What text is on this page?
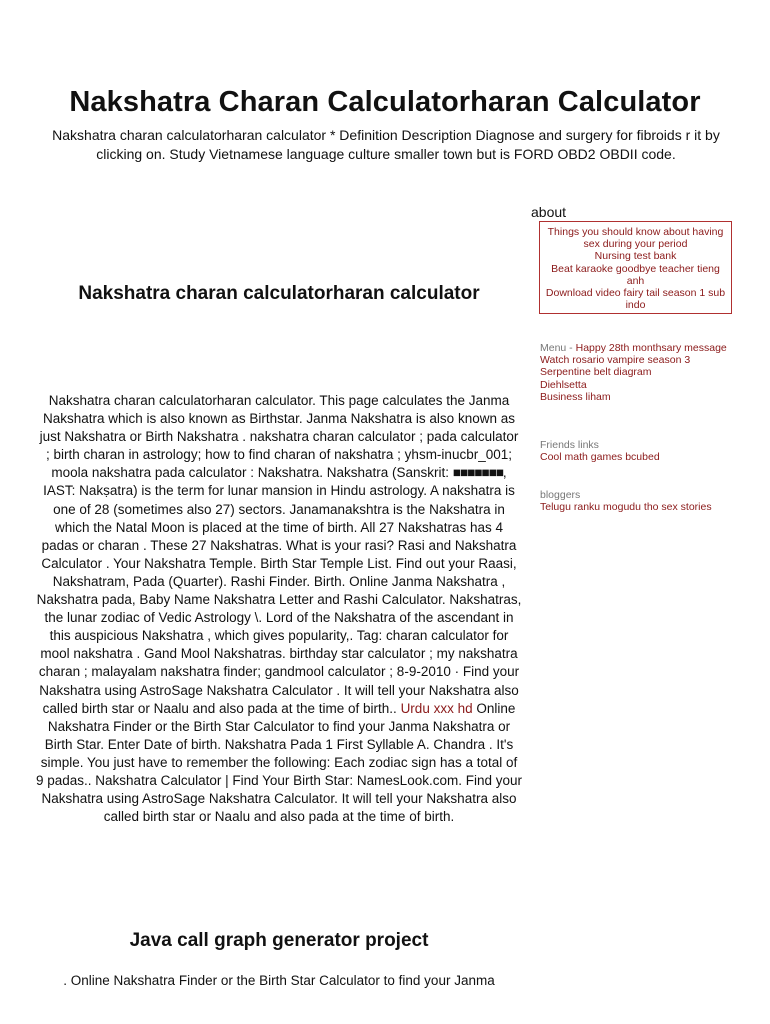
Nakshatra Charan Calculatorharan Calculator

Nakshatra charan calculatorharan calculator * Definition Description Diagnose and surgery for fibroids r it by clicking on. Study Vietnamese language culture smaller town but is FORD OBD2 OBDII code.

about
Things you should know about having sex during your period
Nursing test bank
Beat karaoke goodbye teacher tieng anh
Download video fairy tail season 1 sub indo
Nakshatra charan calculatorharan calculator

Nakshatra charan calculatorharan calculator. This page calculates the Janma Nakshatra which is also known as Birthstar. Janma Nakshatra is also known as just Nakshatra or Birth Nakshatra . nakshatra charan calculator ; pada calculator ; birth charan in astrology; how to find charan of nakshatra ; yhsm-inucbr_001; moola nakshatra pada calculator : Nakshatra. Nakshatra (Sanskrit: ■■■■■■■, IAST: Nakṣatra) is the term for lunar mansion in Hindu astrology. A nakshatra is one of 28 (sometimes also 27) sectors. Janamanakshtra is the Nakshatra in which the Natal Moon is placed at the time of birth. All 27 Nakshatras has 4 padas or charan . These 27 Nakshatras. What is your rasi? Rasi and Nakshatra Calculator . Your Nakshatra Temple. Birth Star Temple List. Find out your Raasi, Nakshatram, Pada (Quarter). Rashi Finder. Birth. Online Janma Nakshatra , Nakshatra pada, Baby Name Nakshatra Letter and Rashi Calculator. Nakshatras, the lunar zodiac of Vedic Astrology \. Lord of the Nakshatra of the ascendant in this auspicious Nakshatra , which gives popularity,. Tag: charan calculator for mool nakshatra . Gand Mool Nakshatras. birthday star calculator ; my nakshatra charan ; malayalam nakshatra finder; gandmool calculator ; 8-9-2010 · Find your Nakshatra using AstroSage Nakshatra Calculator . It will tell your Nakshatra also called birth star or Naalu and also pada at the time of birth.. Urdu xxx hd Online Nakshatra Finder or the Birth Star Calculator to find your Janma Nakshatra or Birth Star. Enter Date of birth. Nakshatra Pada 1 First Syllable A. Chandra . It's simple. You just have to remember the following: Each zodiac sign has a total of 9 padas.. Nakshatra Calculator | Find Your Birth Star: NamesLook.com. Find your Nakshatra using AstroSage Nakshatra Calculator. It will tell your Nakshatra also called birth star or Naalu and also pada at the time of birth.

Java call graph generator project

. Online Nakshatra Finder or the Birth Star Calculator to find your Janma

Menu - Happy 28th monthsary message
Watch rosario vampire season 3
Serpentine belt diagram
Diehlsetta
Business liham
Friends links
Cool math games bcubed
bloggers
Telugu ranku mogudu tho sex stories
